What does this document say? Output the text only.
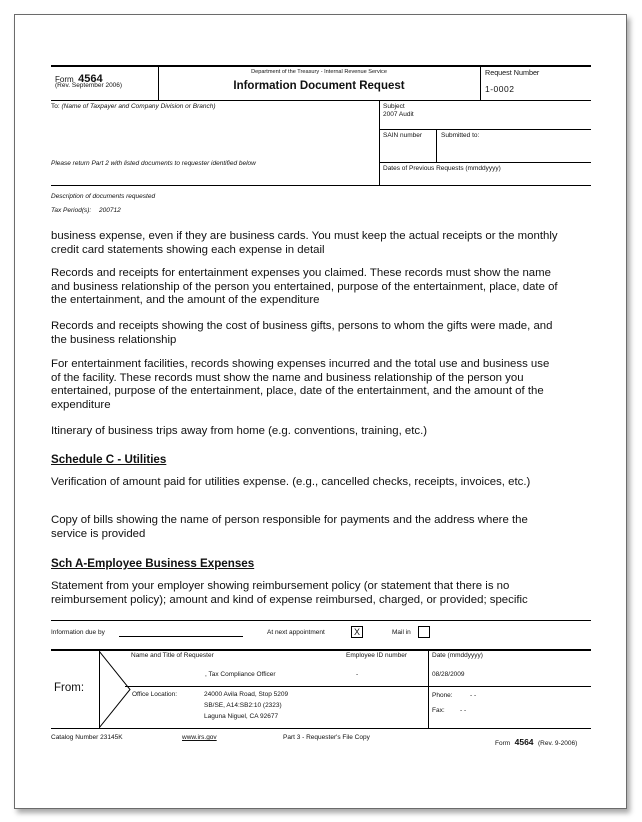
Form 4564
(Rev. September 2006)
Department of the Treasury - Internal Revenue Service
Information Document Request
Request Number
1-0002
To: (Name of Taxpayer and Company Division or Branch)	Subject
2007 Audit
SAIN number	Submitted to:
Please return Part 2 with listed documents to requester identified below
Dates of Previous Requests (mmddyyyy)
Description of documents requested
Tax Period(s): 200712

business expense, even if they are business cards. You must keep the actual receipts or the monthly credit card statements showing each expense in detail

Records and receipts for entertainment expenses you claimed. These records must show the name and business relationship of the person you entertained, purpose of the entertainment, place, date of the entertainment, and the amount of the expenditure

Records and receipts showing the cost of business gifts, persons to whom the gifts were made, and the business relationship

For entertainment facilities, records showing expenses incurred and the total use and business use of the facility. These records must show the name and business relationship of the person you entertained, purpose of the entertainment, place, date of the entertainment, and the amount of the expenditure

Itinerary of business trips away from home (e.g. conventions, training, etc.)

Schedule C - Utilities

Verification of amount paid for utilities expense. (e.g., cancelled checks, receipts, invoices, etc.)

Copy of bills showing the name of person responsible for payments and the address where the service is provided

Sch A-Employee Business Expenses

Statement from your employer showing reimbursement policy (or statement that there is no reimbursement policy); amount and kind of expense reimbursed, charged, or provided; specific

Information due by	At next appointment	X	Mail in
From:
Name and Title of Requester
, Tax Compliance Officer
Employee ID number
-
Date (mmddyyyy)
08/28/2009
Office Location:	24000 Avila Road, Stop 5209
SB/SE, A14:SB2:10 (2323)
Laguna Niguel, CA 92677
Phone:	- -
Fax: - -
Catalog Number 23145K	www.irs.gov	Part 3 - Requester's File Copy
Form 4564 (Rev. 9-2006)
